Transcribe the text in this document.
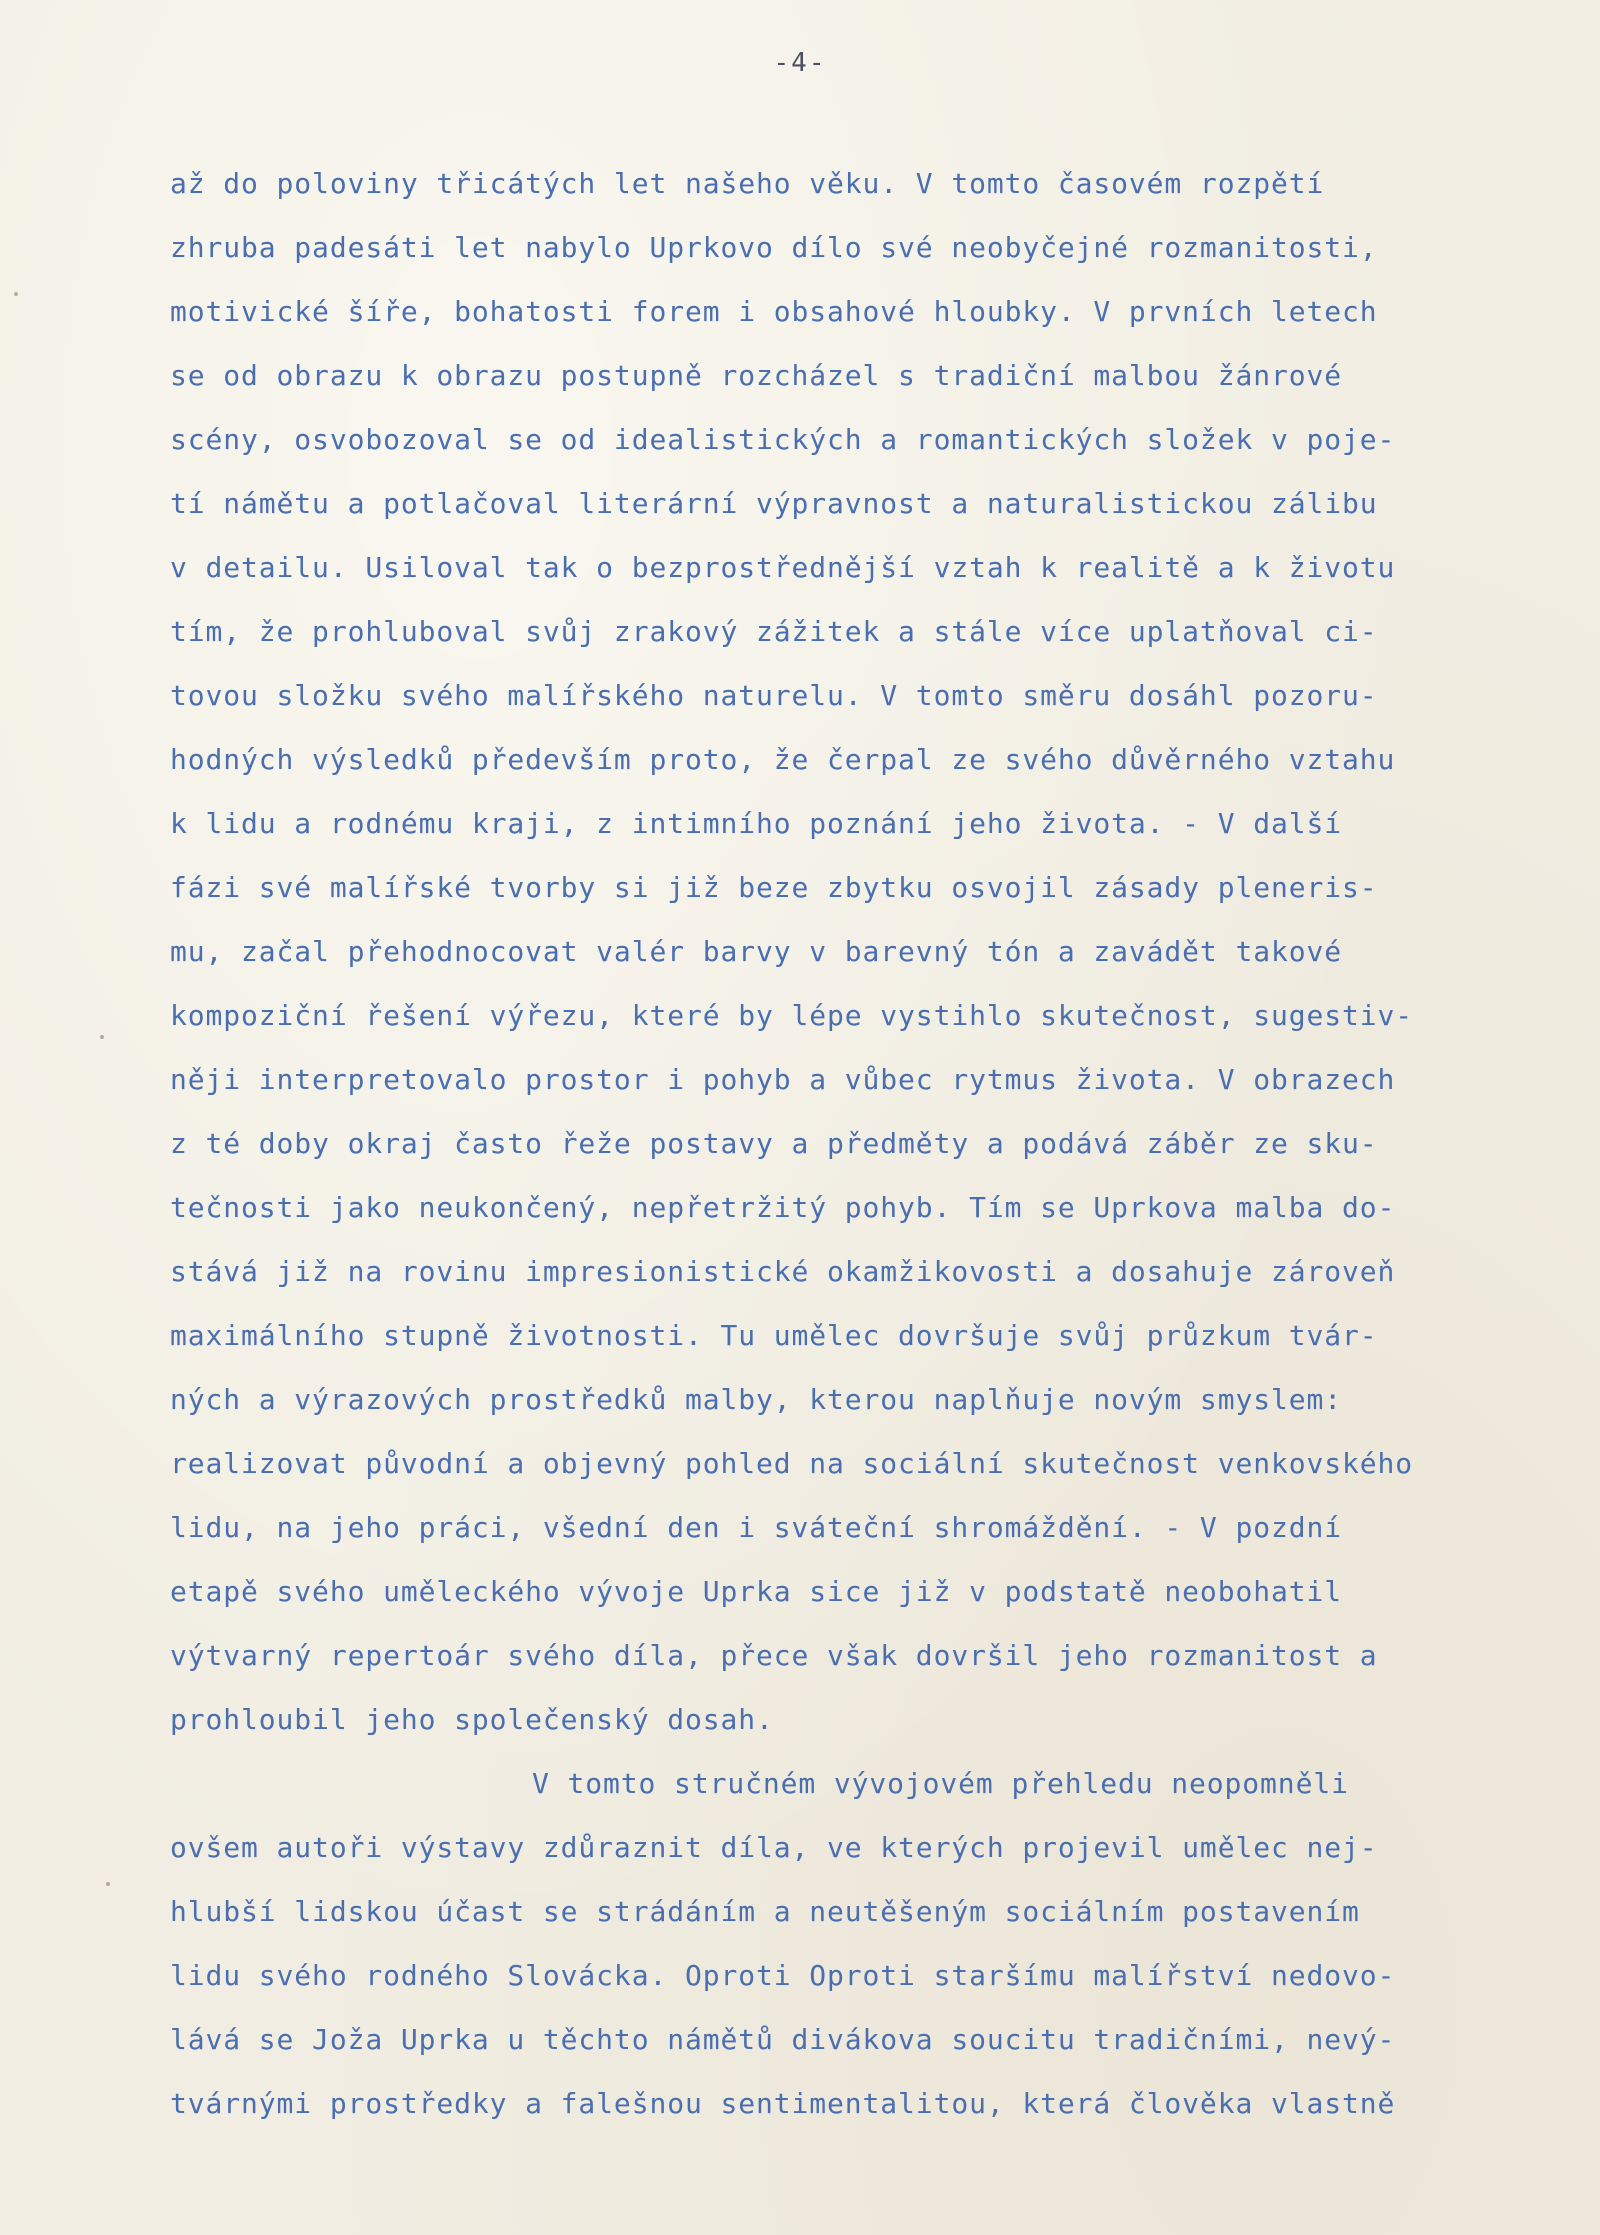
-4-
až do poloviny třicátých let našeho věku. V tomto časovém rozpětí
zhruba padesáti let nabylo Uprkovo dílo své neobyčejné rozmanitosti,
motivické šíře, bohatosti forem i obsahové hloubky. V prvních letech
se od obrazu k obrazu postupně rozcházel s tradiční malbou žánrové
scény, osvobozoval se od idealistických a romantických složek v poje-
tí námětu a potlačoval literární výpravnost a naturalistickou zálibu
v detailu. Usiloval tak o bezprostřednější vztah k realitě a k životu
tím, že prohluboval svůj zrakový zážitek a stále více uplatňoval ci-
tovou složku svého malířského naturelu. V tomto směru dosáhl pozoru-
hodných výsledků především proto, že čerpal ze svého důvěrného vztahu
k lidu a rodnému kraji, z intimního poznání jeho života. - V další
fázi své malířské tvorby si již beze zbytku osvojil zásady pleneris-
mu, začal přehodnocovat valér barvy v barevný tón a zavádět takové
kompoziční řešení výřezu, které by lépe vystihlo skutečnost, sugestiv-
něji interpretovalo prostor i pohyb a vůbec rytmus života. V obrazech
z té doby okraj často řeže postavy a předměty a podává záběr ze sku-
tečnosti jako neukončený, nepřetržitý pohyb. Tím se Uprkova malba do-
stává již na rovinu impresionistické okamžikovosti a dosahuje zároveň
maximálního stupně životnosti. Tu umělec dovršuje svůj průzkum tvár-
ných a výrazových prostředků malby, kterou naplňuje novým smyslem:
realizovat původní a objevný pohled na sociální skutečnost venkovského
lidu, na jeho práci, všední den i sváteční shromáždění. - V pozdní
etapě svého uměleckého vývoje Uprka sice již v podstatě neobohatil
výtvarný repertoár svého díla, přece však dovršil jeho rozmanitost a
prohloubil jeho společenský dosah.
V tomto stručném vývojovém přehledu neopomněli
ovšem autoři výstavy zdůraznit díla, ve kterých projevil umělec nej-
hlubší lidskou účast se strádáním a neutěšeným sociálním postavením
lidu svého rodného Slovácka. Oproti Oproti staršímu malířství nedovo-
lává se Joža Uprka u těchto námětů divákova soucitu tradičními, nevý-
tvárnými prostředky a falešnou sentimentalitou, která člověka vlastně
